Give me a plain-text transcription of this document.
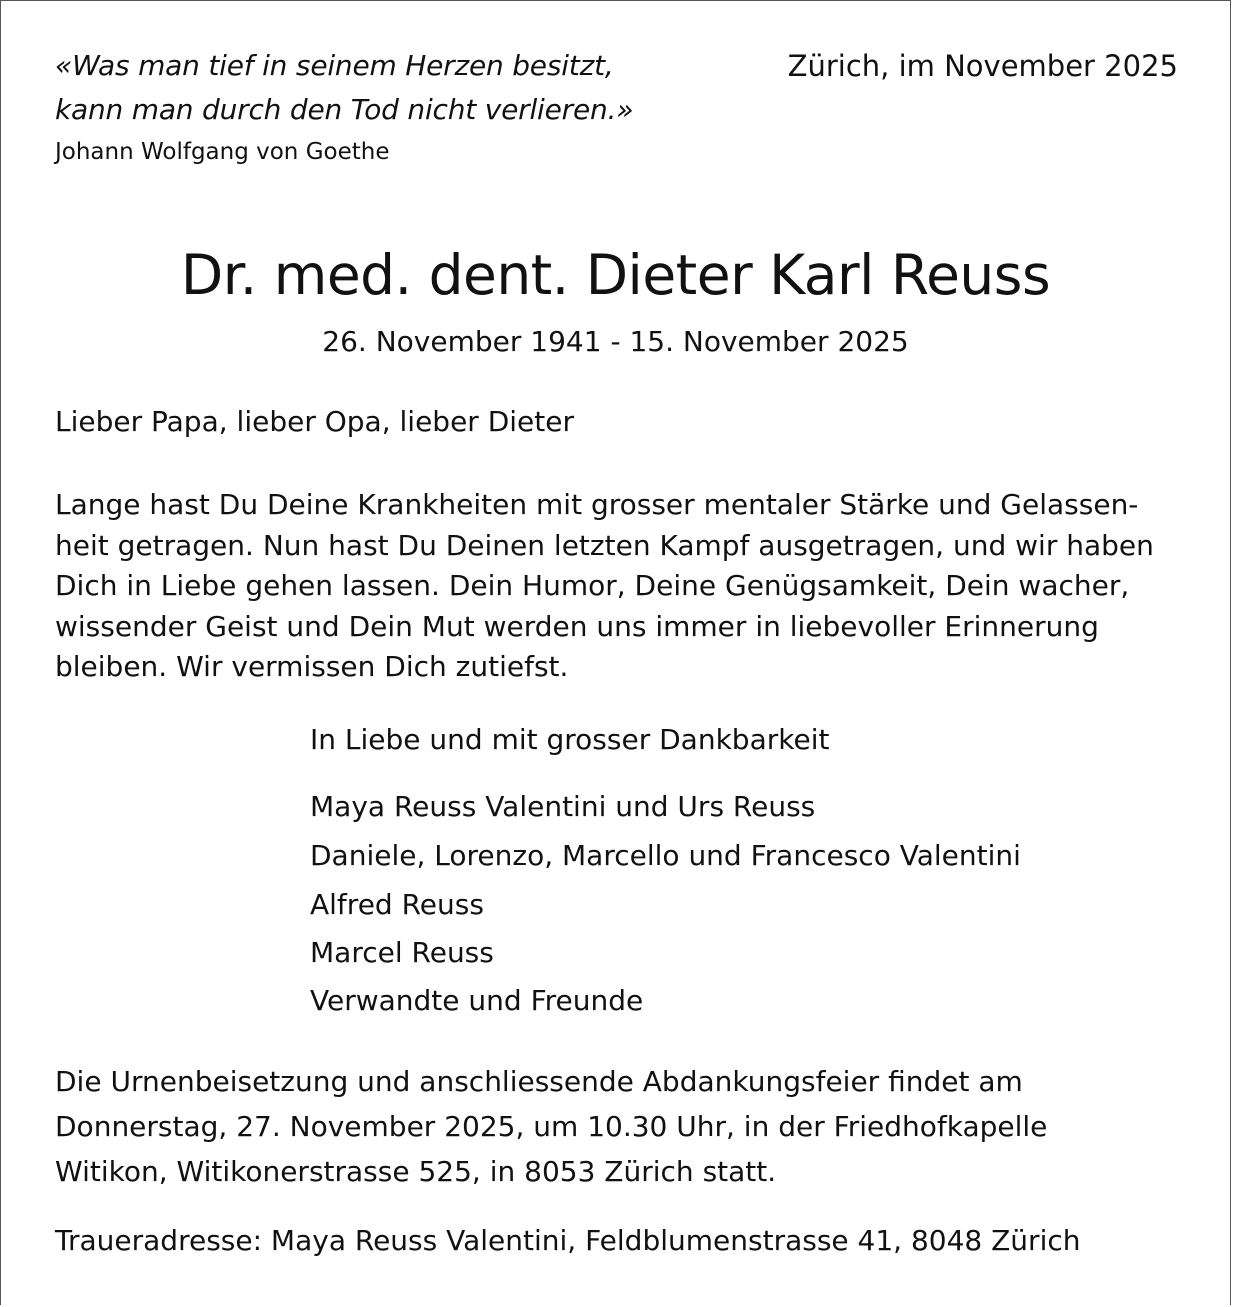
«Was man tief in seinem Herzen besitzt,

kann man durch den Tod nicht verlieren.»

Johann Wolfgang von Goethe

Zürich, im November 2025

Dr. med. dent. Dieter Karl Reuss

26. November 1941 - 15. November 2025

Lieber Papa, lieber Opa, lieber Dieter

Lange hast Du Deine Krankheiten mit grosser mentaler Stärke und Gelassen-
heit getragen. Nun hast Du Deinen letzten Kampf ausgetragen, und wir haben
Dich in Liebe gehen lassen. Dein Humor, Deine Genügsamkeit, Dein wacher,
wissender Geist und Dein Mut werden uns immer in liebevoller Erinnerung
bleiben. Wir vermissen Dich zutiefst.

In Liebe und mit grosser Dankbarkeit

Maya Reuss Valentini und Urs Reuss

Daniele, Lorenzo, Marcello und Francesco Valentini

Alfred Reuss

Marcel Reuss

Verwandte und Freunde

Die Urnenbeisetzung und anschliessende Abdankungsfeier findet am
Donnerstag, 27. November 2025, um 10.30 Uhr, in der Friedhofkapelle
Witikon, Witikonerstrasse 525, in 8053 Zürich statt.

Traueradresse: Maya Reuss Valentini, Feldblumenstrasse 41, 8048 Zürich
